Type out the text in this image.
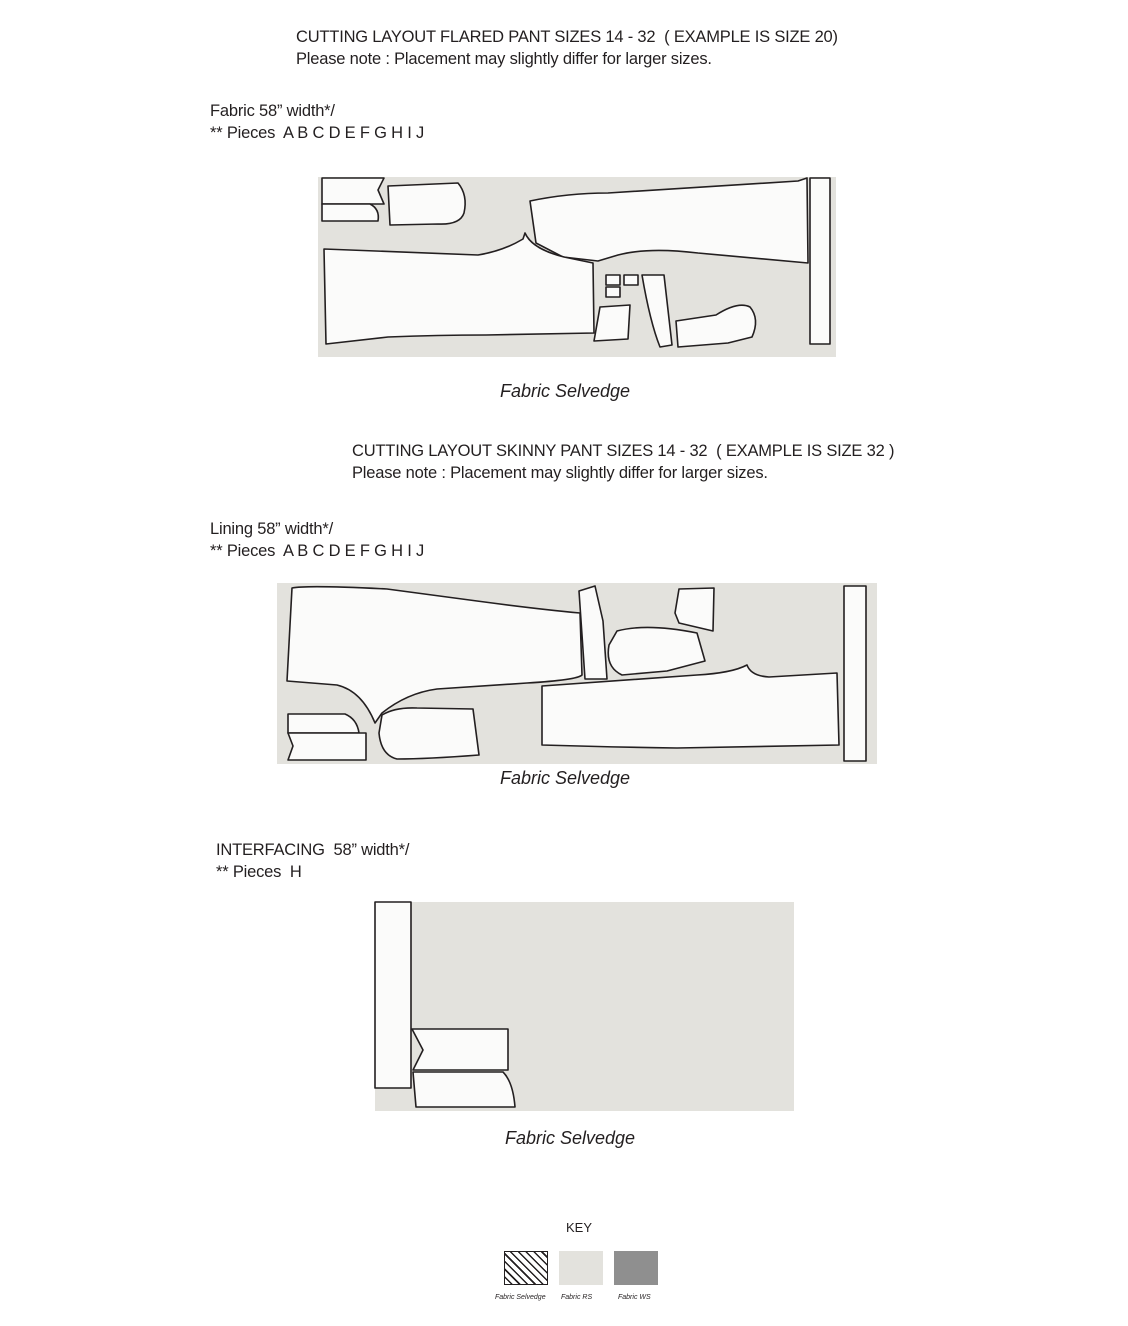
CUTTING LAYOUT FLARED PANT SIZES 14 - 32  ( EXAMPLE IS SIZE 20)
Please note : Placement may slightly differ for larger sizes.
Fabric 58” width*/
** Pieces  A B C D E F G H I J
Fabric Selvedge
CUTTING LAYOUT SKINNY PANT SIZES 14 - 32  ( EXAMPLE IS SIZE 32 )
Please note : Placement may slightly differ for larger sizes.
Lining 58” width*/
** Pieces  A B C D E F G H I J
Fabric Selvedge
INTERFACING  58” width*/
** Pieces  H
Fabric Selvedge
KEY
Fabric Selvedge Fabric RS	Fabric WS
